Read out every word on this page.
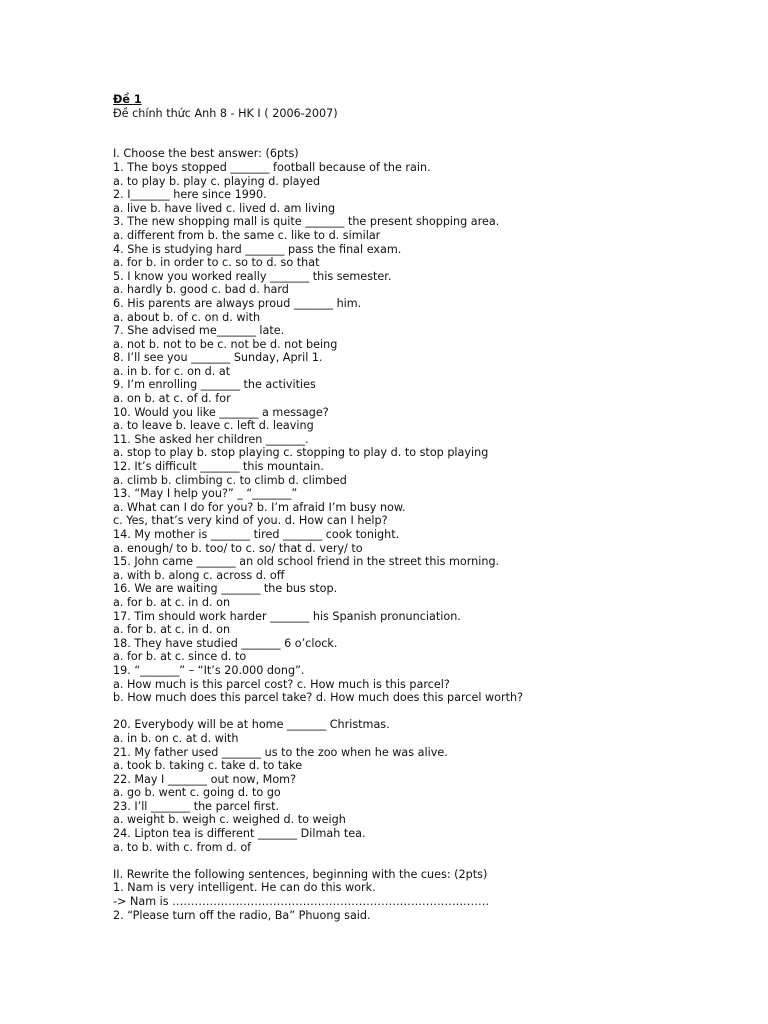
Đề 1
Đề chính thức Anh 8 - HK I ( 2006-2007)
I. Choose the best answer: (6pts)
1. The boys stopped _______ football because of the rain.
a. to play b. play c. playing d. played
2. I_______ here since 1990.
a. live b. have lived c. lived d. am living
3. The new shopping mall is quite _______ the present shopping area.
a. different from b. the same c. like to d. similar
4. She is studying hard _______ pass the final exam.
a. for b. in order to c. so to d. so that
5. I know you worked really _______ this semester.
a. hardly b. good c. bad d. hard
6. His parents are always proud _______ him.
a. about b. of c. on d. with
7. She advised me_______ late.
a. not b. not to be c. not be d. not being
8. I’ll see you _______ Sunday, April 1.
a. in b. for c. on d. at
9. I’m enrolling _______ the activities
a. on b. at c. of d. for
10. Would you like _______ a message?
a. to leave b. leave c. left d. leaving
11. She asked her children _______.
a. stop to play b. stop playing c. stopping to play d. to stop playing
12. It’s difficult _______ this mountain.
a. climb b. climbing c. to climb d. climbed
13. “May I help you?” _ “_______”
a. What can I do for you? b. I’m afraid I’m busy now.
c. Yes, that’s very kind of you. d. How can I help?
14. My mother is _______ tired _______ cook tonight.
a. enough/ to b. too/ to c. so/ that d. very/ to
15. John came _______ an old school friend in the street this morning.
a. with b. along c. across d. off
16. We are waiting _______ the bus stop.
a. for b. at c. in d. on
17. Tim should work harder _______ his Spanish pronunciation.
a. for b. at c. in d. on
18. They have studied _______ 6 o’clock.
a. for b. at c. since d. to
19. “_______” – “It’s 20.000 dong”.
a. How much is this parcel cost? c. How much is this parcel?
b. How much does this parcel take? d. How much does this parcel worth?
20. Everybody will be at home _______ Christmas.
a. in b. on c. at d. with
21. My father used _______ us to the zoo when he was alive.
a. took b. taking c. take d. to take
22. May I _______ out now, Mom?
a. go b. went c. going d. to go
23. I’ll _______ the parcel first.
a. weight b. weigh c. weighed d. to weigh
24. Lipton tea is different _______ Dilmah tea.
a. to b. with c. from d. of
II. Rewrite the following sentences, beginning with the cues: (2pts)
1. Nam is very intelligent. He can do this work.
-> Nam is ………………………………………………………………………….
2. “Please turn off the radio, Ba” Phuong said.
